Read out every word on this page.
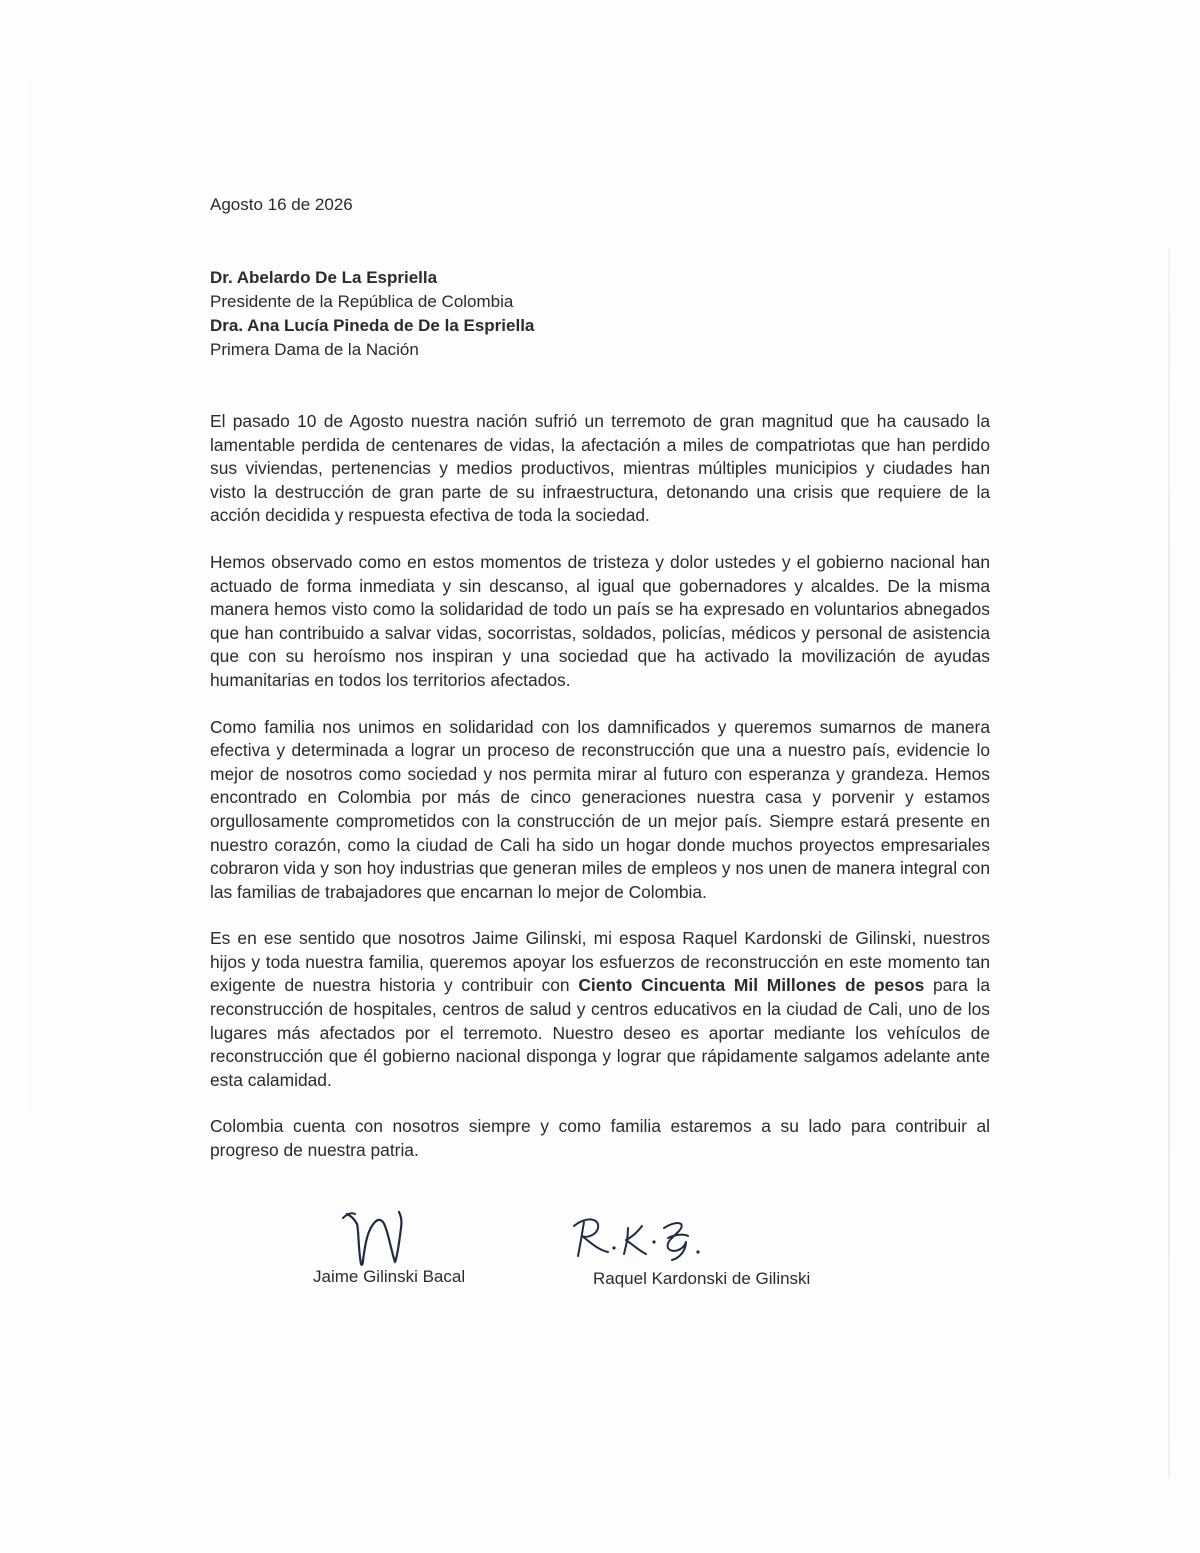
Agosto 16 de 2026
Dr. Abelardo De La Espriella
Presidente de la República de Colombia
Dra. Ana Lucía Pineda de De la Espriella
Primera Dama de la Nación

El pasado 10 de Agosto nuestra nación sufrió un terremoto de gran magnitud que ha causado la lamentable perdida de centenares de vidas, la afectación a miles de compatriotas que han perdido sus viviendas, pertenencias y medios productivos, mientras múltiples municipios y ciudades han visto la destrucción de gran parte de su infraestructura, detonando una crisis que requiere de la acción decidida y respuesta efectiva de toda la sociedad.

Hemos observado como en estos momentos de tristeza y dolor ustedes y el gobierno nacional han actuado de forma inmediata y sin descanso, al igual que gobernadores y alcaldes. De la misma manera hemos visto como la solidaridad de todo un país se ha expresado en voluntarios abnegados que han contribuido a salvar vidas, socorristas, soldados, policías, médicos y personal de asistencia que con su heroísmo nos inspiran y una sociedad que ha activado la movilización de ayudas humanitarias en todos los territorios afectados.

Como familia nos unimos en solidaridad con los damnificados y queremos sumarnos de manera efectiva y determinada a lograr un proceso de reconstrucción que una a nuestro país, evidencie lo mejor de nosotros como sociedad y nos permita mirar al futuro con esperanza y grandeza. Hemos encontrado en Colombia por más de cinco generaciones nuestra casa y porvenir y estamos orgullosamente comprometidos con la construcción de un mejor país. Siempre estará presente en nuestro corazón, como la ciudad de Cali ha sido un hogar donde muchos proyectos empresariales cobraron vida y son hoy industrias que generan miles de empleos y nos unen de manera integral con las familias de trabajadores que encarnan lo mejor de Colombia.

Es en ese sentido que nosotros Jaime Gilinski, mi esposa Raquel Kardonski de Gilinski, nuestros hijos y toda nuestra familia, queremos apoyar los esfuerzos de reconstrucción en este momento tan exigente de nuestra historia y contribuir con Ciento Cincuenta Mil Millones de pesos para la reconstrucción de hospitales, centros de salud y centros educativos en la ciudad de Cali, uno de los lugares más afectados por el terremoto. Nuestro deseo es aportar mediante los vehículos de reconstrucción que él gobierno nacional disponga y lograr que rápidamente salgamos adelante ante esta calamidad.

Colombia cuenta con nosotros siempre y como familia estaremos a su lado para contribuir al progreso de nuestra patria.

Jaime Gilinski Bacal	Raquel Kardonski de Gilinski
